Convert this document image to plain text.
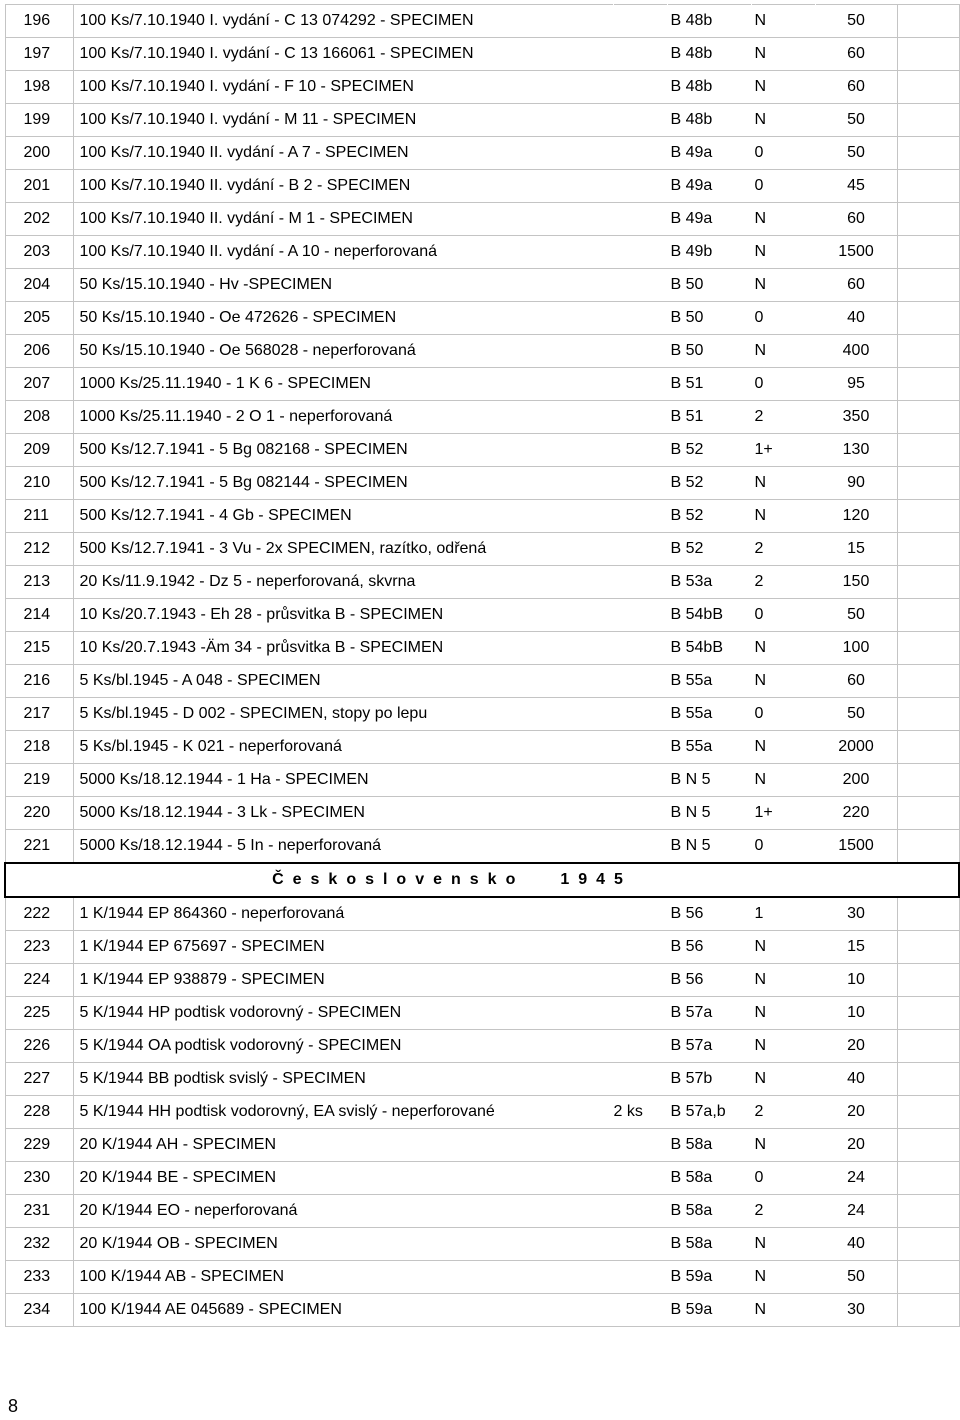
196	100 Ks/7.10.1940 I. vydání - C 13 074292 - SPECIMEN		B 48b	N	50	
197	100 Ks/7.10.1940 I. vydání - C 13 166061 - SPECIMEN		B 48b	N	60	
198	100 Ks/7.10.1940 I. vydání - F 10 - SPECIMEN		B 48b	N	60	
199	100 Ks/7.10.1940 I. vydání - M 11 - SPECIMEN		B 48b	N	50	
200	100 Ks/7.10.1940 II. vydání - A 7 - SPECIMEN		B 49a	0	50	
201	100 Ks/7.10.1940 II. vydání - B 2 - SPECIMEN		B 49a	0	45	
202	100 Ks/7.10.1940 II. vydání - M 1 - SPECIMEN		B 49a	N	60	
203	100 Ks/7.10.1940 II. vydání - A 10 - neperforovaná		B 49b	N	1500	
204	50 Ks/15.10.1940 - Hv -SPECIMEN		B 50	N	60	
205	50 Ks/15.10.1940 - Oe 472626 - SPECIMEN		B 50	0	40	
206	50 Ks/15.10.1940 - Oe 568028 - neperforovaná		B 50	N	400	
207	1000 Ks/25.11.1940 - 1 K 6 - SPECIMEN		B 51	0	95	
208	1000 Ks/25.11.1940 - 2 O 1 - neperforovaná		B 51	2	350	
209	500 Ks/12.7.1941 - 5 Bg 082168 - SPECIMEN		B 52	1+	130	
210	500 Ks/12.7.1941 - 5 Bg 082144 - SPECIMEN		B 52	N	90	
211	500 Ks/12.7.1941 - 4 Gb - SPECIMEN		B 52	N	120	
212	500 Ks/12.7.1941 - 3 Vu - 2x SPECIMEN, razítko, odřená		B 52	2	15	
213	20 Ks/11.9.1942 - Dz 5 - neperforovaná, skvrna		B 53a	2	150	
214	10 Ks/20.7.1943 - Eh 28 - průsvitka B - SPECIMEN		B 54bB	0	50	
215	10 Ks/20.7.1943 -Äm 34 - průsvitka B - SPECIMEN		B 54bB	N	100	
216	5 Ks/bl.1945 - A 048 - SPECIMEN		B 55a	N	60	
217	5 Ks/bl.1945 - D 002 - SPECIMEN, stopy po lepu		B 55a	0	50	
218	5 Ks/bl.1945 - K 021 - neperforovaná		B 55a	N	2000	
219	5000 Ks/18.12.1944 - 1 Ha - SPECIMEN		B N 5	N	200	
220	5000 Ks/18.12.1944 - 3 Lk - SPECIMEN		B N 5	1+	220	
221	5000 Ks/18.12.1944 - 5 In - neperforovaná		B N 5	0	1500	
Československo 1945						
222	1 K/1944 EP 864360 - neperforovaná		B 56	1	30	
223	1 K/1944 EP 675697 - SPECIMEN		B 56	N	15	
224	1 K/1944 EP 938879 - SPECIMEN		B 56	N	10	
225	5 K/1944 HP podtisk vodorovný - SPECIMEN		B 57a	N	10	
226	5 K/1944 OA podtisk vodorovný - SPECIMEN		B 57a	N	20	
227	5 K/1944 BB podtisk svislý - SPECIMEN		B 57b	N	40	
228	5 K/1944 HH podtisk vodorovný, EA svislý - neperforované	2 ks	B 57a,b	2	20	
229	20 K/1944 AH - SPECIMEN		B 58a	N	20	
230	20 K/1944 BE - SPECIMEN		B 58a	0	24	
231	20 K/1944 EO - neperforovaná		B 58a	2	24	
232	20 K/1944 OB - SPECIMEN		B 58a	N	40	
233	100 K/1944 AB - SPECIMEN		B 59a	N	50	
234	100 K/1944 AE 045689 - SPECIMEN		B 59a	N	30	
8
